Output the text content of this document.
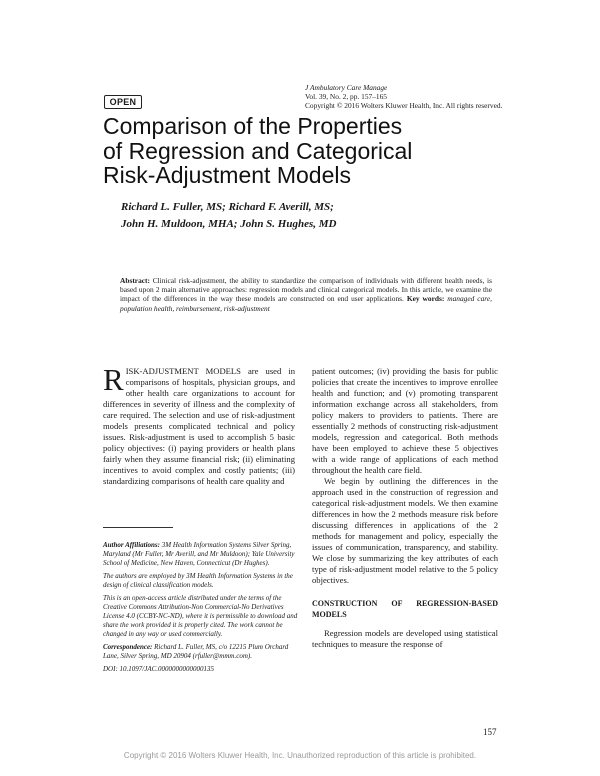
OPEN
J Ambulatory Care Manage
Vol. 39, No. 2, pp. 157–165
Copyright © 2016 Wolters Kluwer Health, Inc. All rights reserved.
Comparison of the Properties
of Regression and Categorical
Risk-Adjustment Models
Richard L. Fuller, MS; Richard F. Averill, MS;
John H. Muldoon, MHA; John S. Hughes, MD
Abstract: Clinical risk-adjustment, the ability to standardize the comparison of individuals with different health needs, is based upon 2 main alternative approaches: regression models and clinical categorical models. In this article, we examine the impact of the differences in the way these models are constructed on end user applications. Key words: managed care, population health, reimbursement, risk-adjustment

RISK-ADJUSTMENT MODELS are used in comparisons of hospitals, physician groups, and other health care organizations to account for differences in severity of illness and the complexity of care required. The selection and use of risk-adjustment models presents complicated technical and policy issues. Risk-adjustment is used to accomplish 5 basic policy objectives: (i) paying providers or health plans fairly when they assume financial risk; (ii) eliminating incentives to avoid complex and costly patients; (iii) standardizing comparisons of health care quality and

Author Affiliations: 3M Health Information Systems Silver Spring, Maryland (Mr Fuller, Mr Averill, and Mr Muldoon); Yale University School of Medicine, New Haven, Connecticut (Dr Hughes).

The authors are employed by 3M Health Information Systems in the design of clinical classification models.

This is an open-access article distributed under the terms of the Creative Commons Attribution-Non Commercial-No Derivatives License 4.0 (CCBY-NC-ND), where it is permissible to download and share the work provided it is properly cited. The work cannot be changed in any way or used commercially.

Correspondence: Richard L. Fuller, MS, c/o 12215 Plum Orchard Lane, Silver Spring, MD 20904 (rfuller@mmm.com).

DOI: 10.1097/JAC.0000000000000135

patient outcomes; (iv) providing the basis for public policies that create the incentives to improve enrollee health and function; and (v) promoting transparent information exchange across all stakeholders, from policy makers to providers to patients. There are essentially 2 methods of constructing risk-adjustment models, regression and categorical. Both methods have been employed to achieve these 5 objectives with a wide range of applications of each method throughout the health care field.

We begin by outlining the differences in the approach used in the construction of regression and categorical risk-adjustment models. We then examine differences in how the 2 methods measure risk before discussing differences in applications of the 2 methods for management and policy, especially the issues of communication, transparency, and stability. We close by summarizing the key attributes of each type of risk-adjustment model relative to the 5 policy objectives.

CONSTRUCTION OF REGRESSION-BASED MODELS

Regression models are developed using statistical techniques to measure the response of

157
Copyright © 2016 Wolters Kluwer Health, Inc. Unauthorized reproduction of this article is prohibited.
